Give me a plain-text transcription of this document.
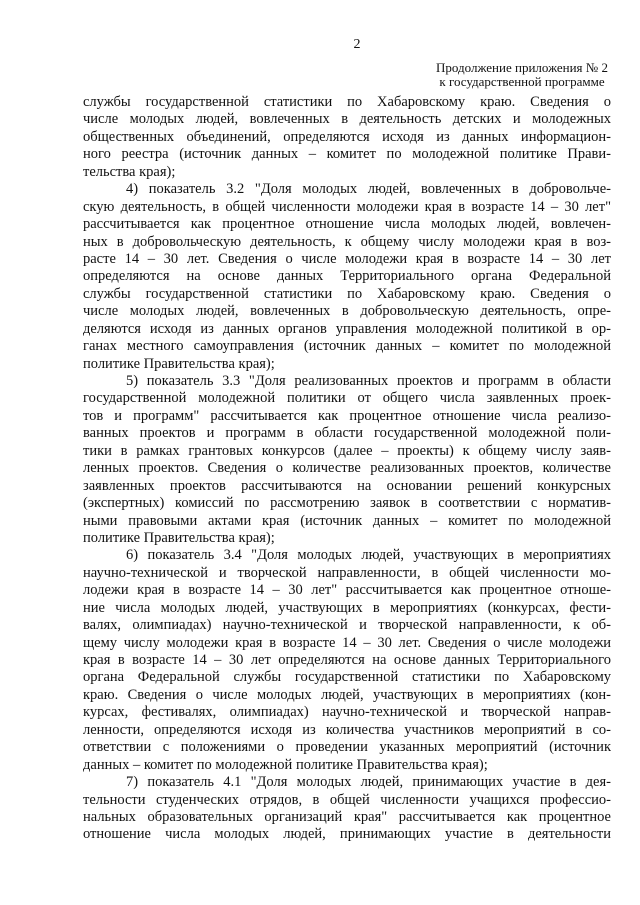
2
Продолжение приложения № 2
к государственной программе
службы государственной статистики по Хабаровскому краю. Сведения о
числе молодых людей, вовлеченных в деятельность детских и молодежных
общественных объединений, определяются исходя из данных информацион-
ного реестра (источник данных – комитет по молодежной политике Прави-
тельства края);
4) показатель 3.2 "Доля молодых людей, вовлеченных в добровольче-
скую деятельность, в общей численности молодежи края в возрасте 14 – 30 лет"
рассчитывается как процентное отношение числа молодых людей, вовлечен-
ных в добровольческую деятельность, к общему числу молодежи края в воз-
расте 14 – 30 лет. Сведения о числе молодежи края в возрасте 14 – 30 лет
определяются на основе данных Территориального органа Федеральной
службы государственной статистики по Хабаровскому краю. Сведения о
числе молодых людей, вовлеченных в добровольческую деятельность, опре-
деляются исходя из данных органов управления молодежной политикой в ор-
ганах местного самоуправления (источник данных – комитет по молодежной
политике Правительства края);
5) показатель 3.3 "Доля реализованных проектов и программ в области
государственной молодежной политики от общего числа заявленных проек-
тов и программ" рассчитывается как процентное отношение числа реализо-
ванных проектов и программ в области государственной молодежной поли-
тики в рамках грантовых конкурсов (далее – проекты) к общему числу заяв-
ленных проектов. Сведения о количестве реализованных проектов, количестве
заявленных проектов рассчитываются на основании решений конкурсных
(экспертных) комиссий по рассмотрению заявок в соответствии с норматив-
ными правовыми актами края (источник данных – комитет по молодежной
политике Правительства края);
6) показатель 3.4 "Доля молодых людей, участвующих в мероприятиях
научно-технической и творческой направленности, в общей численности мо-
лодежи края в возрасте 14 – 30 лет" рассчитывается как процентное отноше-
ние числа молодых людей, участвующих в мероприятиях (конкурсах, фести-
валях, олимпиадах) научно-технической и творческой направленности, к об-
щему числу молодежи края в возрасте 14 – 30 лет. Сведения о числе молодежи
края в возрасте 14 – 30 лет определяются на основе данных Территориального
органа Федеральной службы государственной статистики по Хабаровскому
краю. Сведения о числе молодых людей, участвующих в мероприятиях (кон-
курсах, фестивалях, олимпиадах) научно-технической и творческой направ-
ленности, определяются исходя из количества участников мероприятий в со-
ответствии с положениями о проведении указанных мероприятий (источник
данных – комитет по молодежной политике Правительства края);
7) показатель 4.1 "Доля молодых людей, принимающих участие в дея-
тельности студенческих отрядов, в общей численности учащихся профессио-
нальных образовательных организаций края" рассчитывается как процентное
отношение числа молодых людей, принимающих участие в деятельности
